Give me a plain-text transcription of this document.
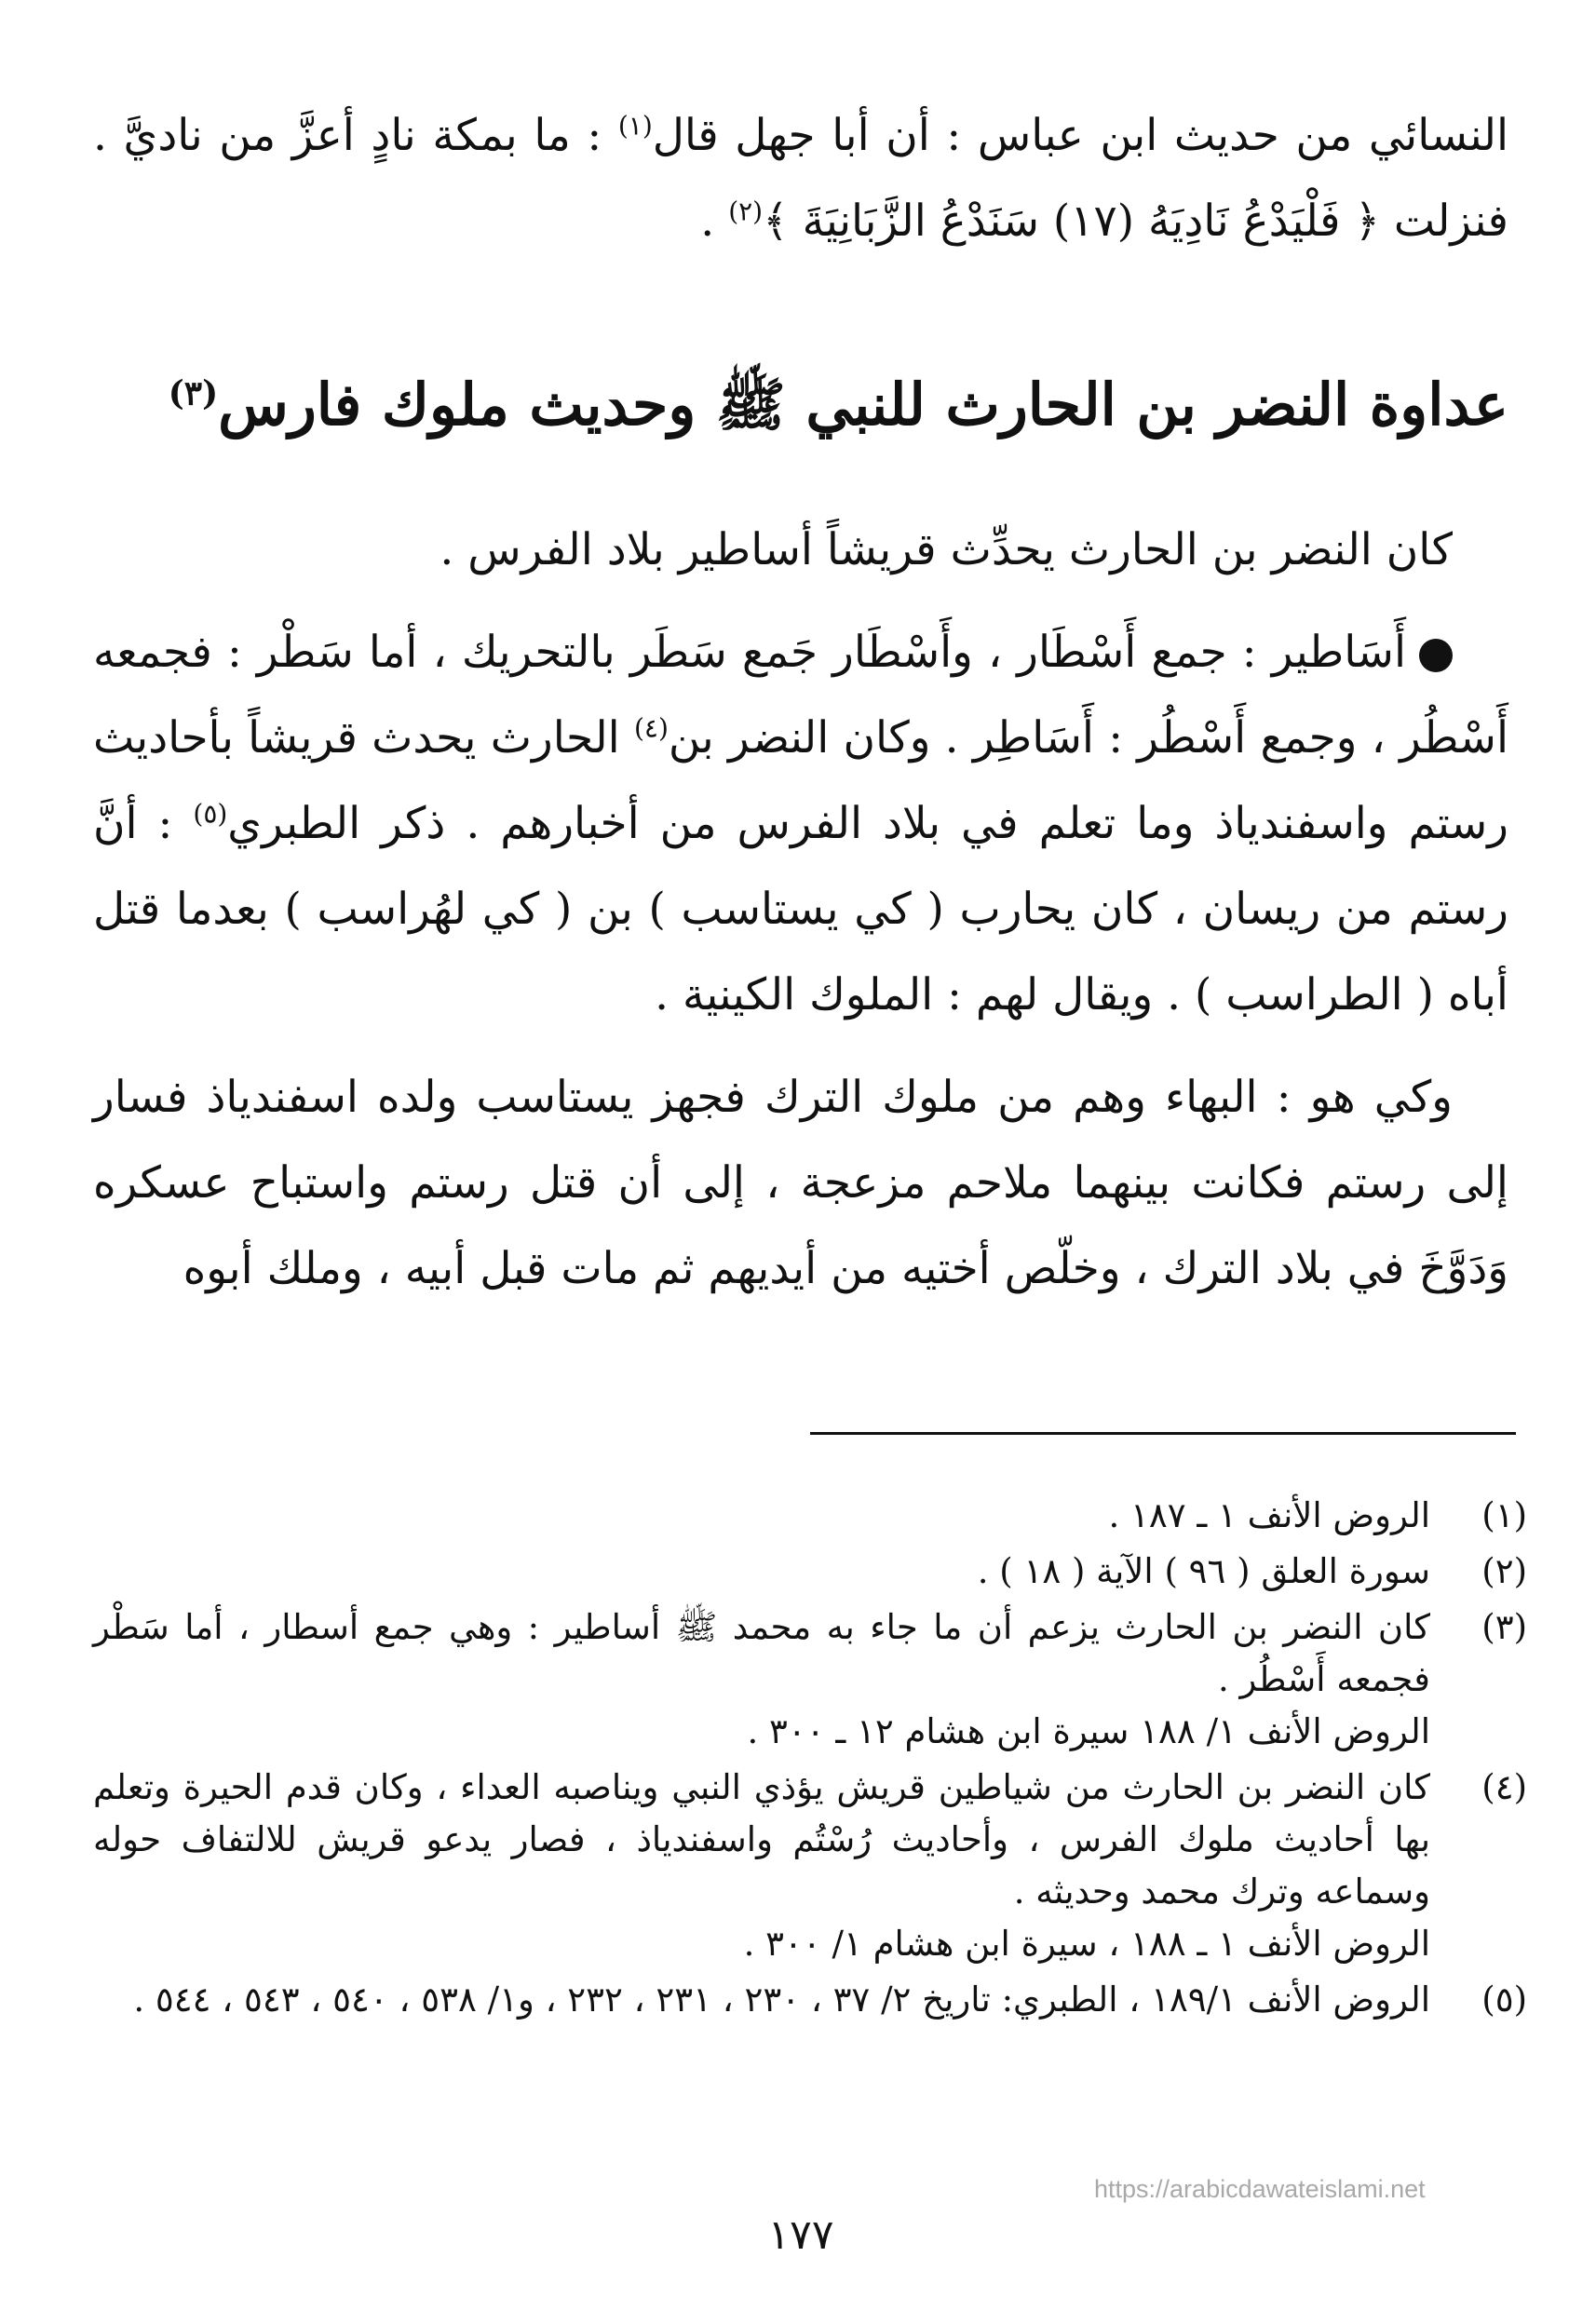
النسائي من حديث ابن عباس : أن أبا جهل قال$^{(١)}$ : ما بمكة نادٍ أعزَّ من ناديَّ . فنزلت ﴿ فَلْيَدْعُ نَادِيَهُ (١٧) سَنَدْعُ الزَّبَانِيَةَ ﴾$^{(٢)}$ .

عداوة النضر بن الحارث للنبي ﷺ وحديث ملوك فارس$^{(٣)}$

كان النضر بن الحارث يحدِّث قريشاً أساطير بلاد الفرس .

أَسَاطير : جمع أَسْطَار ، وأَسْطَار جَمع سَطَر بالتحريك ، أما سَطْر : فجمعه أَسْطُر ، وجمع أَسْطُر : أَسَاطِر . وكان النضر بن$^{(٤)}$ الحارث يحدث قريشاً بأحاديث رستم واسفندياذ وما تعلم في بلاد الفرس من أخبارهم . ذكر الطبري$^{(٥)}$ : أنَّ رستم من ريسان ، كان يحارب ( كي يستاسب ) بن ( كي لهُراسب ) بعدما قتل أباه ( الطراسب ) . ويقال لهم : الملوك الكينية .

وكي هو : البهاء وهم من ملوك الترك فجهز يستاسب ولده اسفندياذ فسار إلى رستم فكانت بينهما ملاحم مزعجة ، إلى أن قتل رستم واستباح عسكره وَدَوَّخَ في بلاد الترك ، وخلّص أختيه من أيديهم ثم مات قبل أبيه ، وملك أبوه

(١)

الروض الأنف ١ ـ ١٨٧ .

(٢)

سورة العلق ( ٩٦ ) الآية ( ١٨ ) .

(٣)

كان النضر بن الحارث يزعم أن ما جاء به محمد ﷺ أساطير : وهي جمع أسطار ، أما سَطْر فجمعه أَسْطُر .

الروض الأنف ١/ ١٨٨ سيرة ابن هشام ١٢ ـ ٣٠٠ .

(٤)

كان النضر بن الحارث من شياطين قريش يؤذي النبي ويناصبه العداء ، وكان قدم الحيرة وتعلم بها أحاديث ملوك الفرس ، وأحاديث رُسْتُم واسفندياذ ، فصار يدعو قريش للالتفاف حوله وسماعه وترك محمد وحديثه .

الروض الأنف ١ ـ ١٨٨ ، سيرة ابن هشام ١/ ٣٠٠ .

(٥)

الروض الأنف ١٨٩/١ ، الطبري: تاريخ ٢/ ٣٧ ، ٢٣٠ ، ٢٣١ ، ٢٣٢ ، و١/ ٥٣٨ ، ٥٤٠ ، ٥٤٣ ، ٥٤٤ .

https://arabicdawateislami.net
١٧٧
